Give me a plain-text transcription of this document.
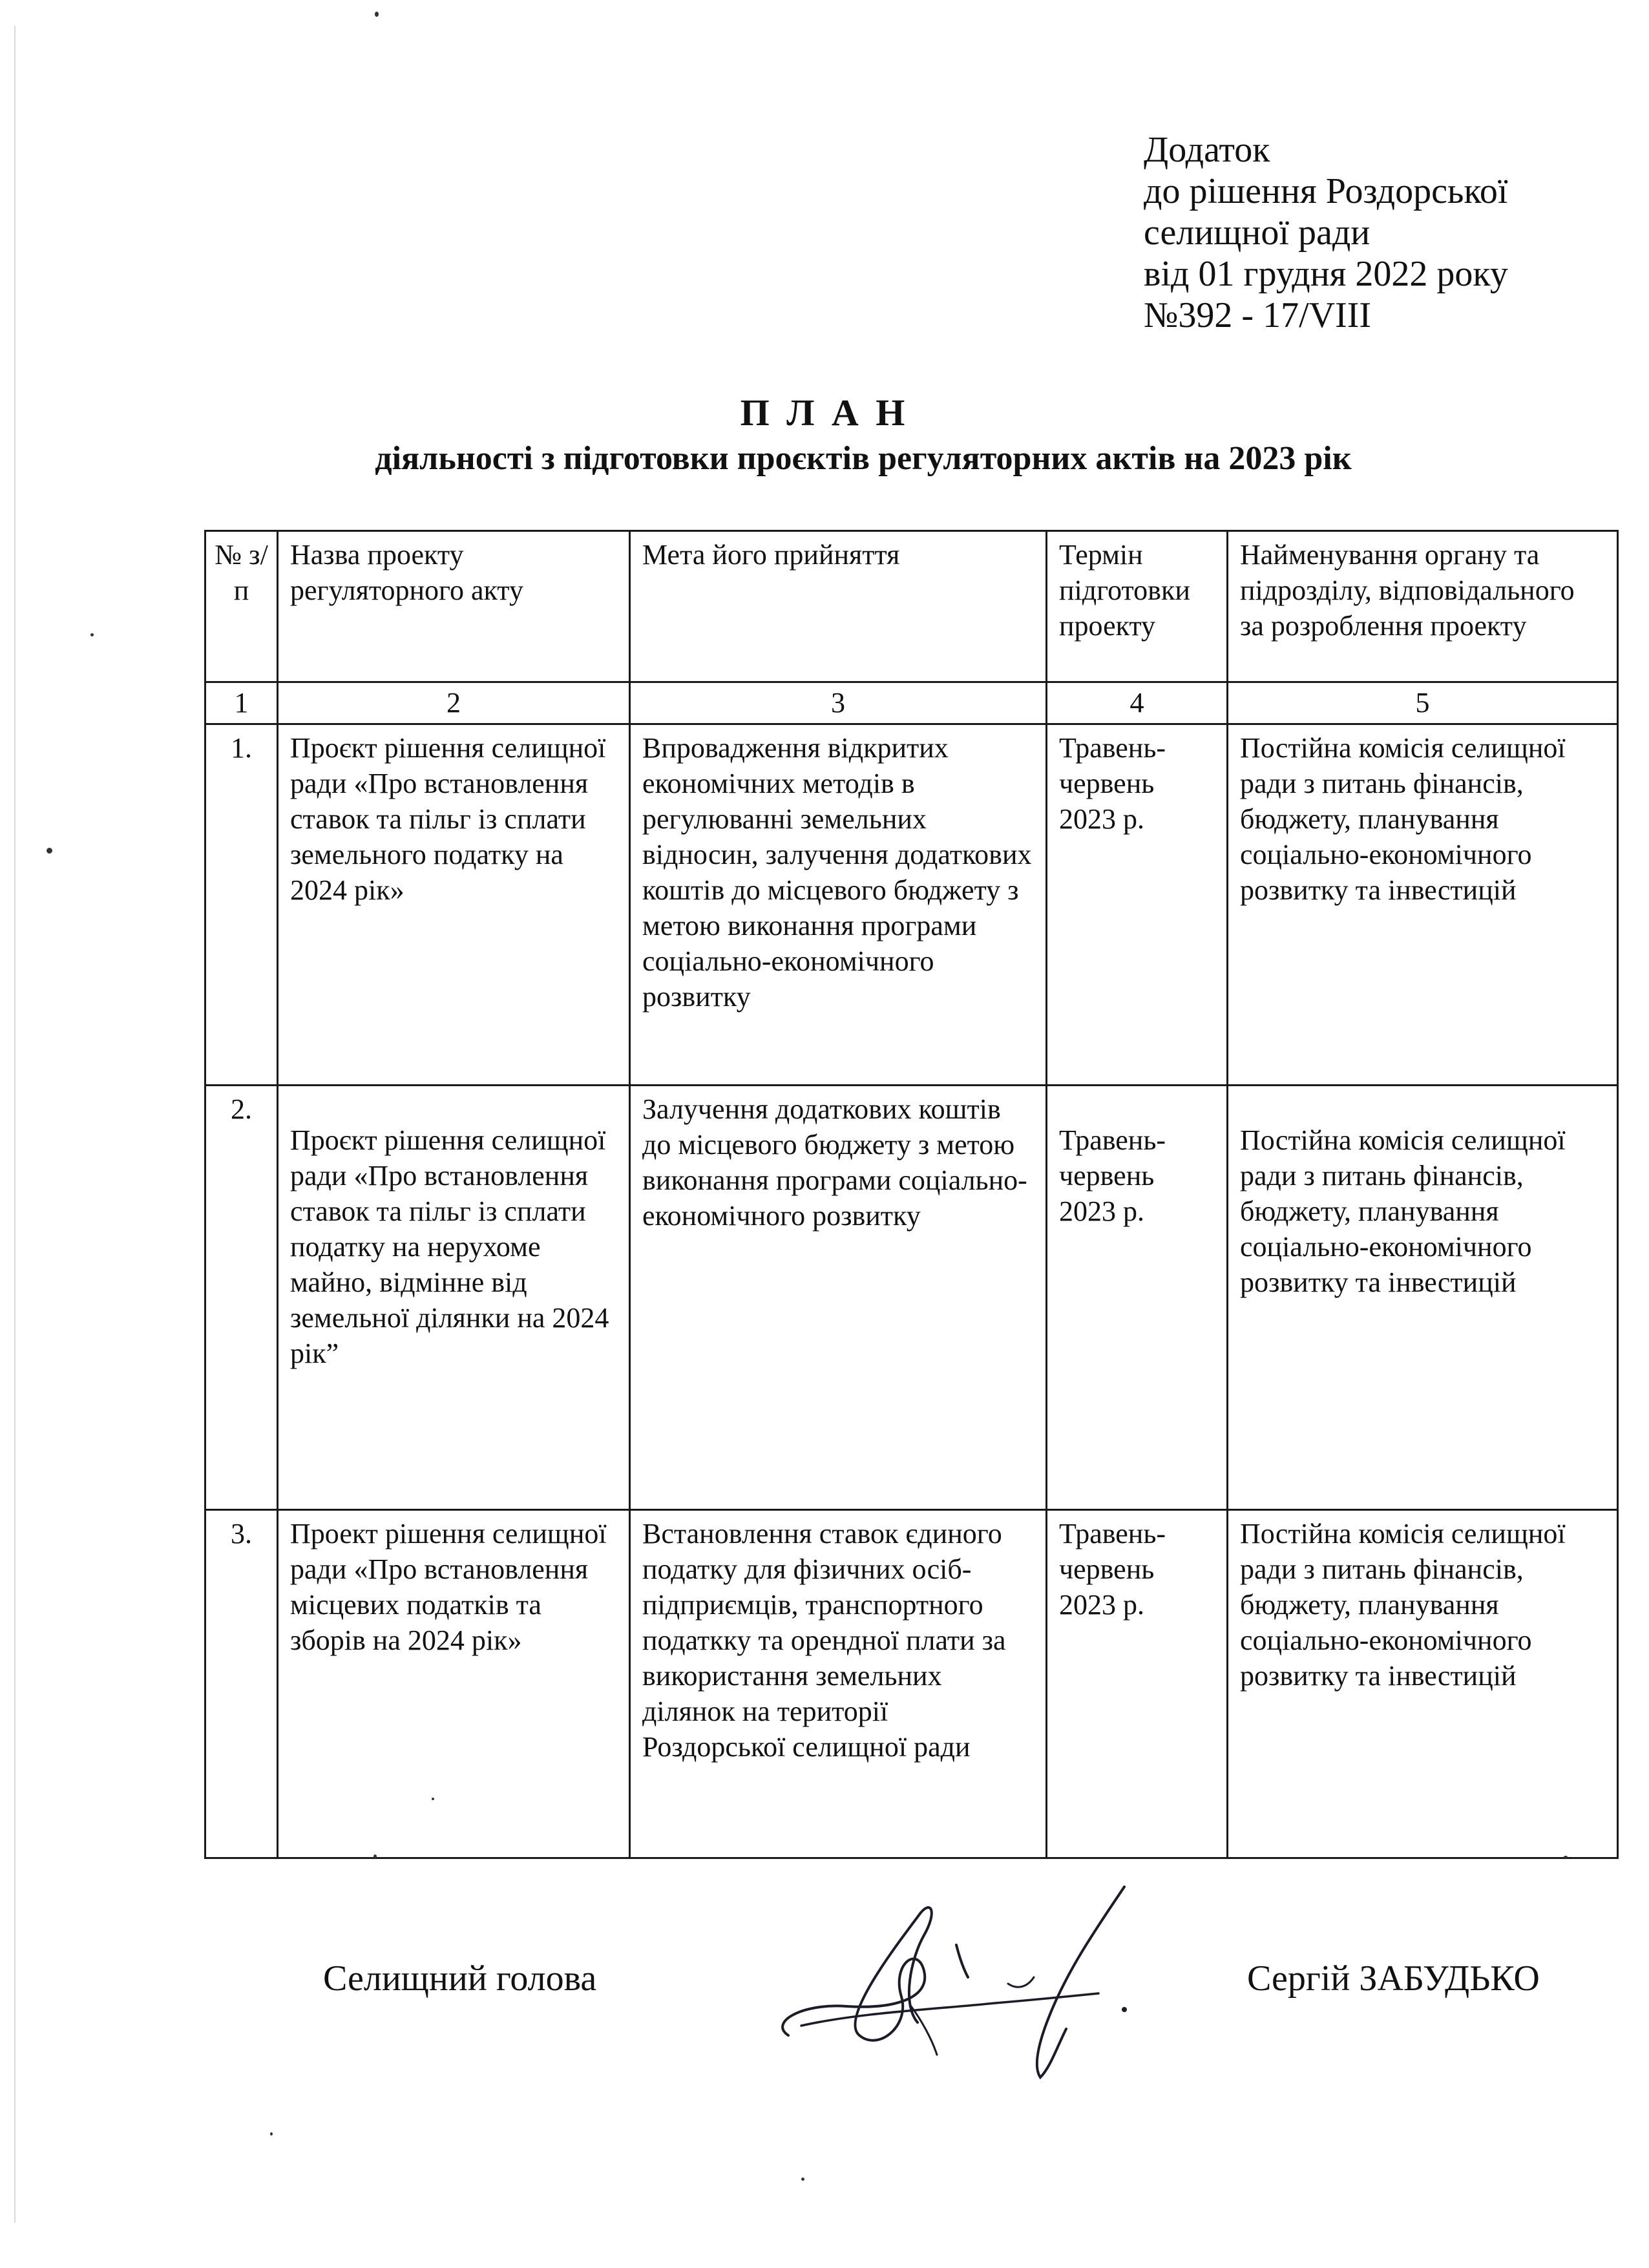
Додаток
до рішення Роздорської
селищної ради
від 01 грудня 2022 року
№392 - 17/VIII
П Л А Н
діяльності з підготовки проєктів регуляторних актів на 2023 рік
№ з/п	Назва проекту регуляторного акту	Мета його прийняття	Термін підготовки проекту	Найменування органу та підрозділу, відповідального за розроблення проекту
1	2	3	4	5
1.	Проєкт рішення селищної ради «Про встановлення ставок та пільг із сплати земельного податку на 2024 рік»	Впровадження відкритих економічних методів в регулюванні земельних відносин, залучення додаткових коштів до місцевого бюджету з метою виконання програми соціально-економічного розвитку	Травень-червень 2023 р.	Постійна комісія селищної ради з питань фінансів, бюджету, планування соціально-економічного розвитку та інвестицій
2.	Проєкт рішення селищної ради «Про встановлення ставок та пільг із сплати податку на нерухоме майно, відмінне від земельної ділянки на 2024 рік”	Залучення додаткових коштів до місцевого бюджету з метою виконання програми соціально-економічного розвитку	Травень-червень 2023 р.	Постійна комісія селищної ради з питань фінансів, бюджету, планування соціально-економічного розвитку та інвестицій
3.	Проект рішення селищної ради «Про встановлення місцевих податків та зборів на 2024 рік»	Встановлення ставок єдиного податку для фізичних осіб-підприємців, транспортного податкку та орендної плати за використання земельних ділянок на території Роздорської селищної ради	Травень-червень 2023 р.	Постійна комісія селищної ради з питань фінансів, бюджету, планування соціально-економічного розвитку та інвестицій
Селищний голова	Сергій ЗАБУДЬКО
